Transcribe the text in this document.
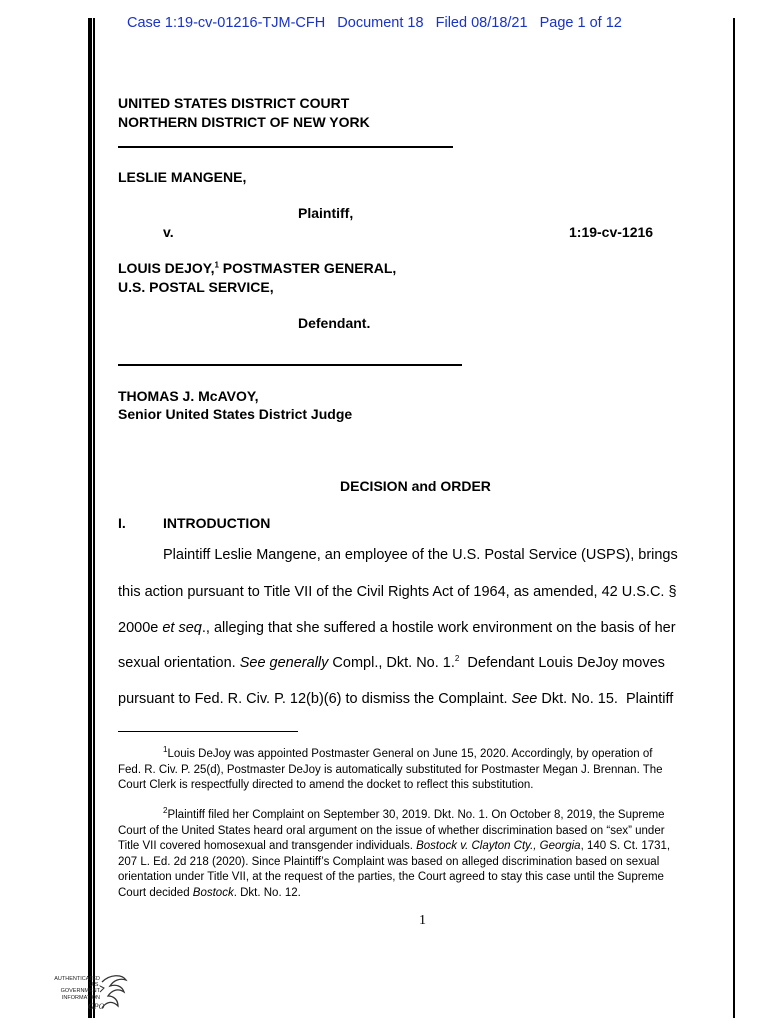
Case 1:19-cv-01216-TJM-CFH   Document 18   Filed 08/18/21   Page 1 of 12
UNITED STATES DISTRICT COURT
NORTHERN DISTRICT OF NEW YORK
LESLIE MANGENE,
Plaintiff,
v.	1:19-cv-1216
LOUIS DEJOY,$^1$ POSTMASTER GENERAL,
U.S. POSTAL SERVICE,
Defendant.
THOMAS J. McAVOY,
Senior United States District Judge
DECISION and ORDER
I.	INTRODUCTION
Plaintiff Leslie Mangene, an employee of the U.S. Postal Service (USPS), brings
this action pursuant to Title VII of the Civil Rights Act of 1964, as amended, 42 U.S.C. §
2000e et seq., alleging that she suffered a hostile work environment on the basis of her
sexual orientation. See generally Compl., Dkt. No. 1.$^2$  Defendant Louis DeJoy moves
pursuant to Fed. R. Civ. P. 12(b)(6) to dismiss the Complaint. See Dkt. No. 15.  Plaintiff
$^1$Louis DeJoy was appointed Postmaster General on June 15, 2020. Accordingly, by operation of
Fed. R. Civ. P. 25(d), Postmaster DeJoy is automatically substituted for Postmaster Megan J. Brennan. The
Court Clerk is respectfully directed to amend the docket to reflect this substitution.
$^2$Plaintiff filed her Complaint on September 30, 2019. Dkt. No. 1. On October 8, 2019, the Supreme
Court of the United States heard oral argument on the issue of whether discrimination based on “sex” under
Title VII covered homosexual and transgender individuals. Bostock v. Clayton Cty., Georgia, 140 S. Ct. 1731,
207 L. Ed. 2d 218 (2020). Since Plaintiff’s Complaint was based on alleged discrimination based on sexual
orientation under Title VII, at the request of the parties, the Court agreed to stay this case until the Supreme
Court decided Bostock. Dkt. No. 12.
1
AUTHENTICATED
U.S. GOVERNMENT
INFORMATION
GPO
